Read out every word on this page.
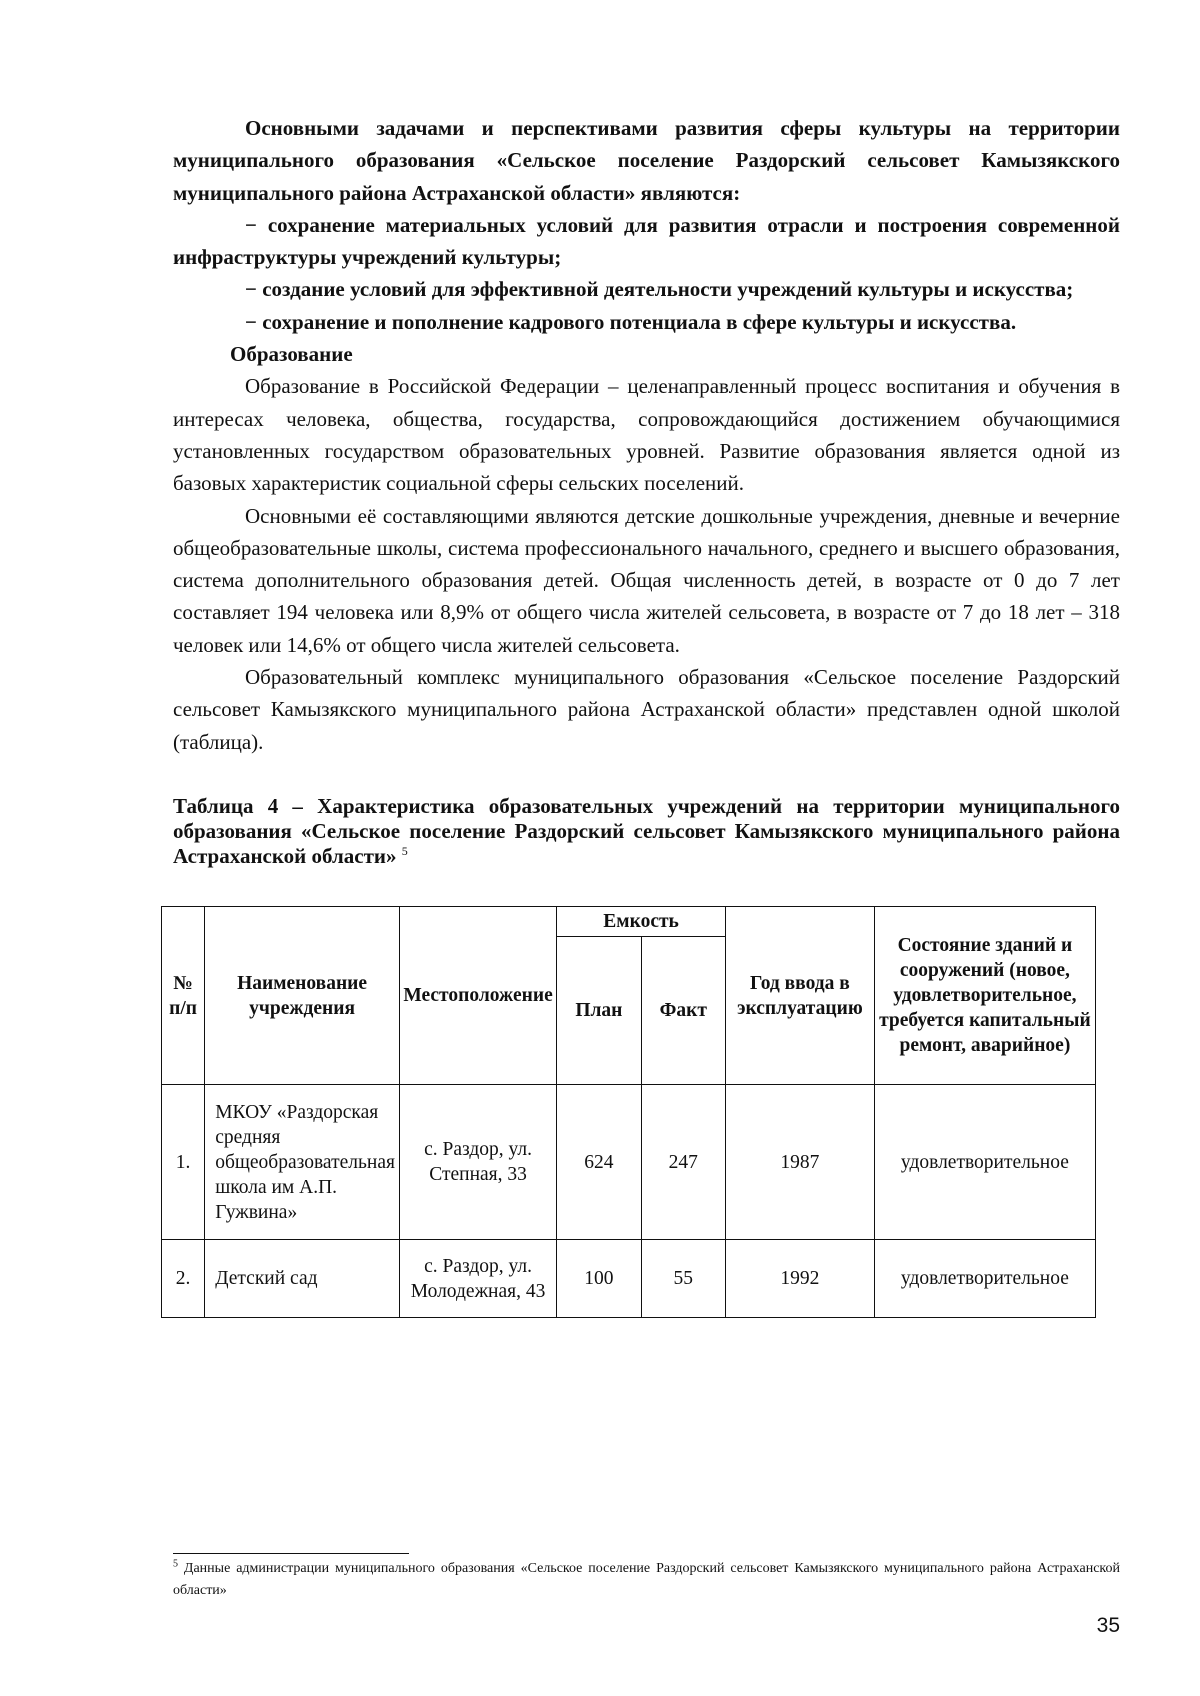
Основными задачами и перспективами развития сферы культуры на территории муниципального образования «Сельское поселение Раздорский сельсовет Камызякского муниципального района Астраханской области» являются:

− сохранение материальных условий для развития отрасли и построения современной инфраструктуры учреждений культуры;

− создание условий для эффективной деятельности учреждений культуры и искусства;

− сохранение и пополнение кадрового потенциала в сфере культуры и искусства.

Образование

Образование в Российской Федерации – целенаправленный процесс воспитания и обучения в интересах человека, общества, государства, сопровождающийся достижением обучающимися установленных государством образовательных уровней. Развитие образования является одной из базовых характеристик социальной сферы сельских поселений.

Основными её составляющими являются детские дошкольные учреждения, дневные и вечерние общеобразовательные школы, система профессионального начального, среднего и высшего образования, система дополнительного образования детей. Общая численность детей, в возрасте от 0 до 7 лет составляет 194 человека или 8,9% от общего числа жителей сельсовета, в возрасте от 7 до 18 лет – 318 человек или 14,6% от общего числа жителей сельсовета.

Образовательный комплекс муниципального образования «Сельское поселение Раздорский сельсовет Камызякского муниципального района Астраханской области» представлен одной школой (таблица).

Таблица 4 – Характеристика образовательных учреждений на территории муниципального образования «Сельское поселение Раздорский сельсовет Камызякского муниципального района Астраханской области» $^5$

№ п/п	Наименование учреждения	Местоположение	Емкость		Год ввода в эксплуатацию	Состояние зданий и сооружений (новое, удовлетворительное, требуется капитальный ремонт, аварийное)
			План	Факт		
1.	МКОУ «Раздорская средняя общеобразовательная школа им А.П. Гужвина»	с. Раздор, ул. Степная, 33	624	247	1987	удовлетворительное
2.	Детский сад	с. Раздор, ул. Молодежная, 43	100	55	1992	удовлетворительное
$^5$ Данные администрации муниципального образования «Сельское поселение Раздорский сельсовет Камызякского муниципального района Астраханской области»
35
